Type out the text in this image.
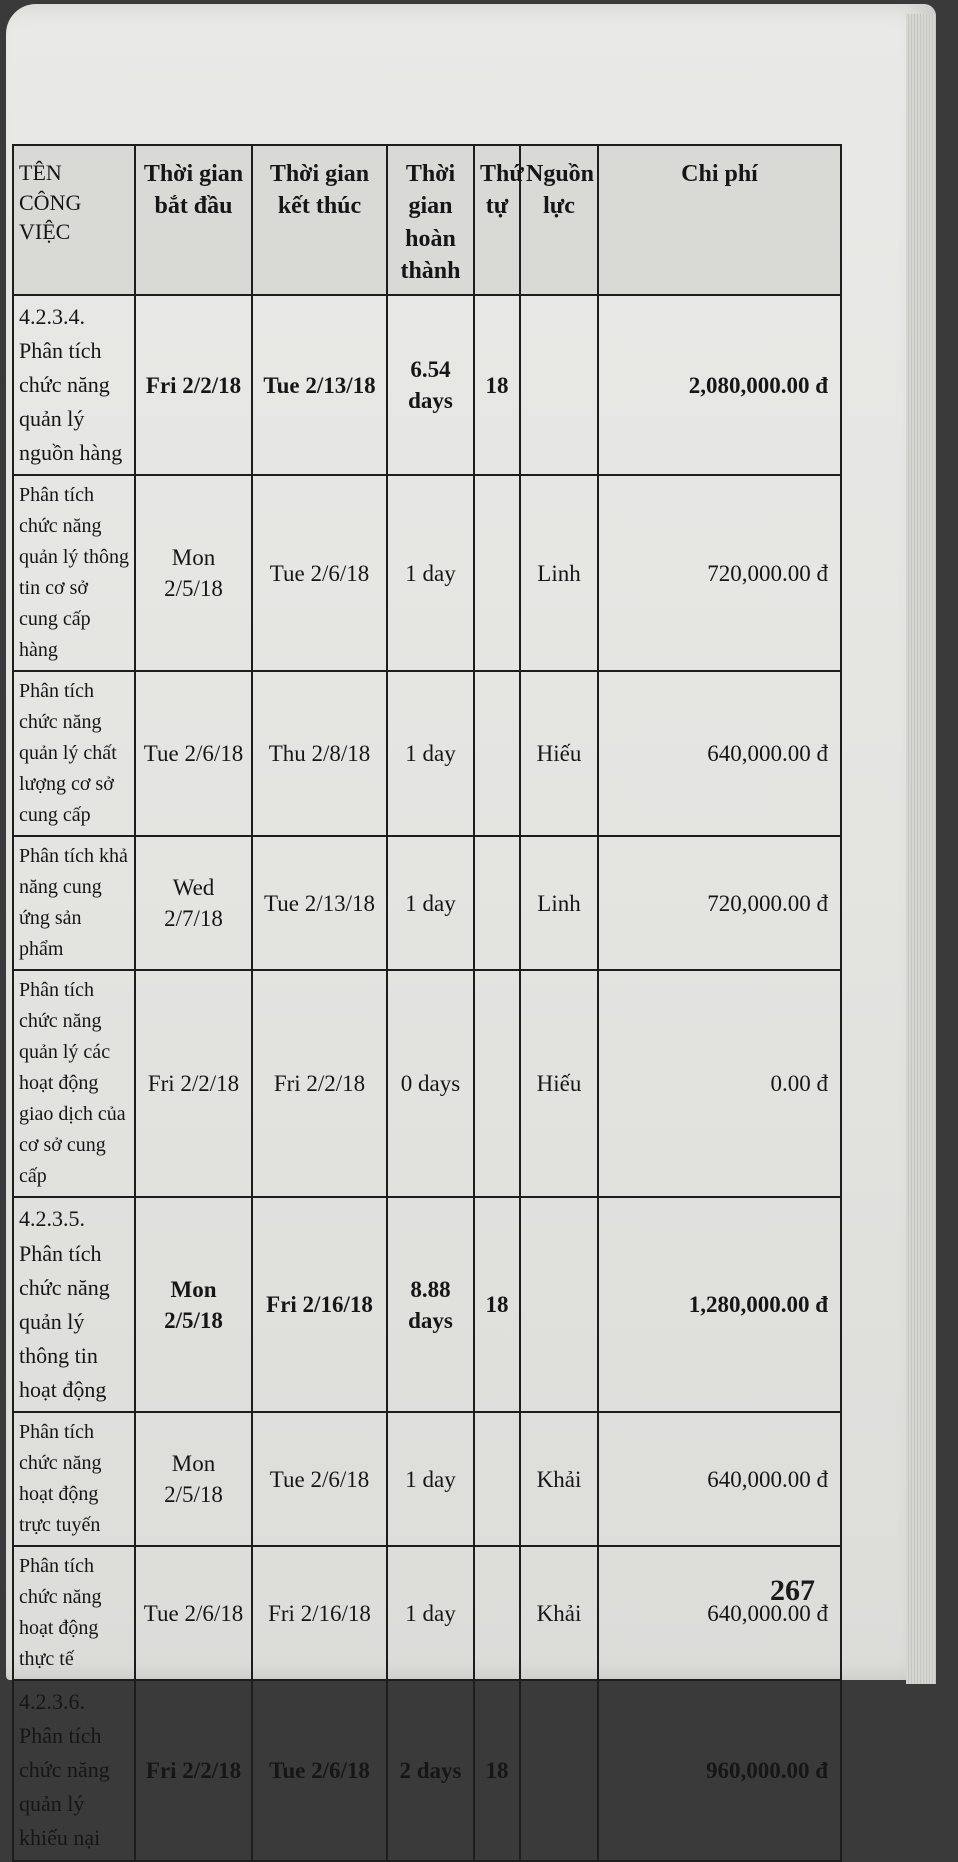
TÊN CÔNG VIỆC	Thời gian bắt đầu	Thời gian kết thúc	Thời gian hoàn thành	Thứ tự	Nguồn lực	Chi phí
4.2.3.4. Phân tích chức năng quản lý nguồn hàng	Fri 2/2/18	Tue 2/13/18	6.54 days	18		2,080,000.00 đ
Phân tích chức năng quản lý thông tin cơ sở cung cấp hàng	Mon 2/5/18	Tue 2/6/18	1 day		Linh	720,000.00 đ
Phân tích chức năng quản lý chất lượng cơ sở cung cấp	Tue 2/6/18	Thu 2/8/18	1 day		Hiếu	640,000.00 đ
Phân tích khả năng cung ứng sản phẩm	Wed 2/7/18	Tue 2/13/18	1 day		Linh	720,000.00 đ
Phân tích chức năng quản lý các hoạt động giao dịch của cơ sở cung cấp	Fri 2/2/18	Fri 2/2/18	0 days		Hiếu	0.00 đ
4.2.3.5. Phân tích chức năng quản lý thông tin hoạt động	Mon 2/5/18	Fri 2/16/18	8.88 days	18		1,280,000.00 đ
Phân tích chức năng hoạt động trực tuyến	Mon 2/5/18	Tue 2/6/18	1 day		Khải	640,000.00 đ
Phân tích chức năng hoạt động thực tế	Tue 2/6/18	Fri 2/16/18	1 day		Khải	640,000.00 đ
4.2.3.6. Phân tích chức năng quản lý khiếu nại	Fri 2/2/18	Tue 2/6/18	2 days	18		960,000.00 đ
267
